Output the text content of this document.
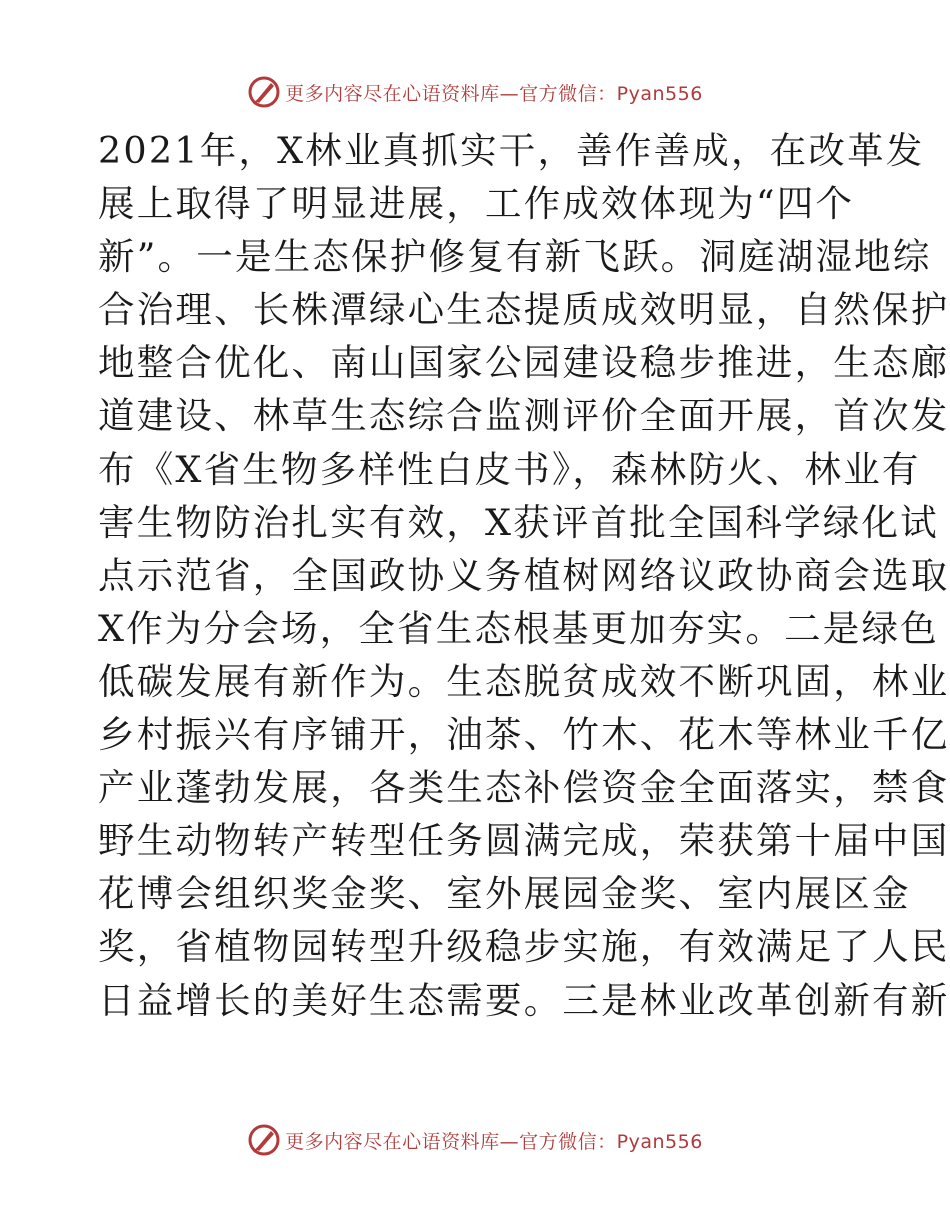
更多内容尽在心语资料库—官方微信：Pyan556
2021年，X林业真抓实干，善作善成，在改革发
展上取得了明显进展，工作成效体现为“四个
新”。一是生态保护修复有新飞跃。洞庭湖湿地综
合治理、长株潭绿心生态提质成效明显，自然保护
地整合优化、南山国家公园建设稳步推进，生态廊
道建设、林草生态综合监测评价全面开展，首次发
布《X省生物多样性白皮书》，森林防火、林业有
害生物防治扎实有效，X获评首批全国科学绿化试
点示范省，全国政协义务植树网络议政协商会选取
X作为分会场，全省生态根基更加夯实。二是绿色
低碳发展有新作为。生态脱贫成效不断巩固，林业
乡村振兴有序铺开，油茶、竹木、花木等林业千亿
产业蓬勃发展，各类生态补偿资金全面落实，禁食
野生动物转产转型任务圆满完成，荣获第十届中国
花博会组织奖金奖、室外展园金奖、室内展区金
奖，省植物园转型升级稳步实施，有效满足了人民
日益增长的美好生态需要。三是林业改革创新有新
更多内容尽在心语资料库—官方微信：Pyan556
